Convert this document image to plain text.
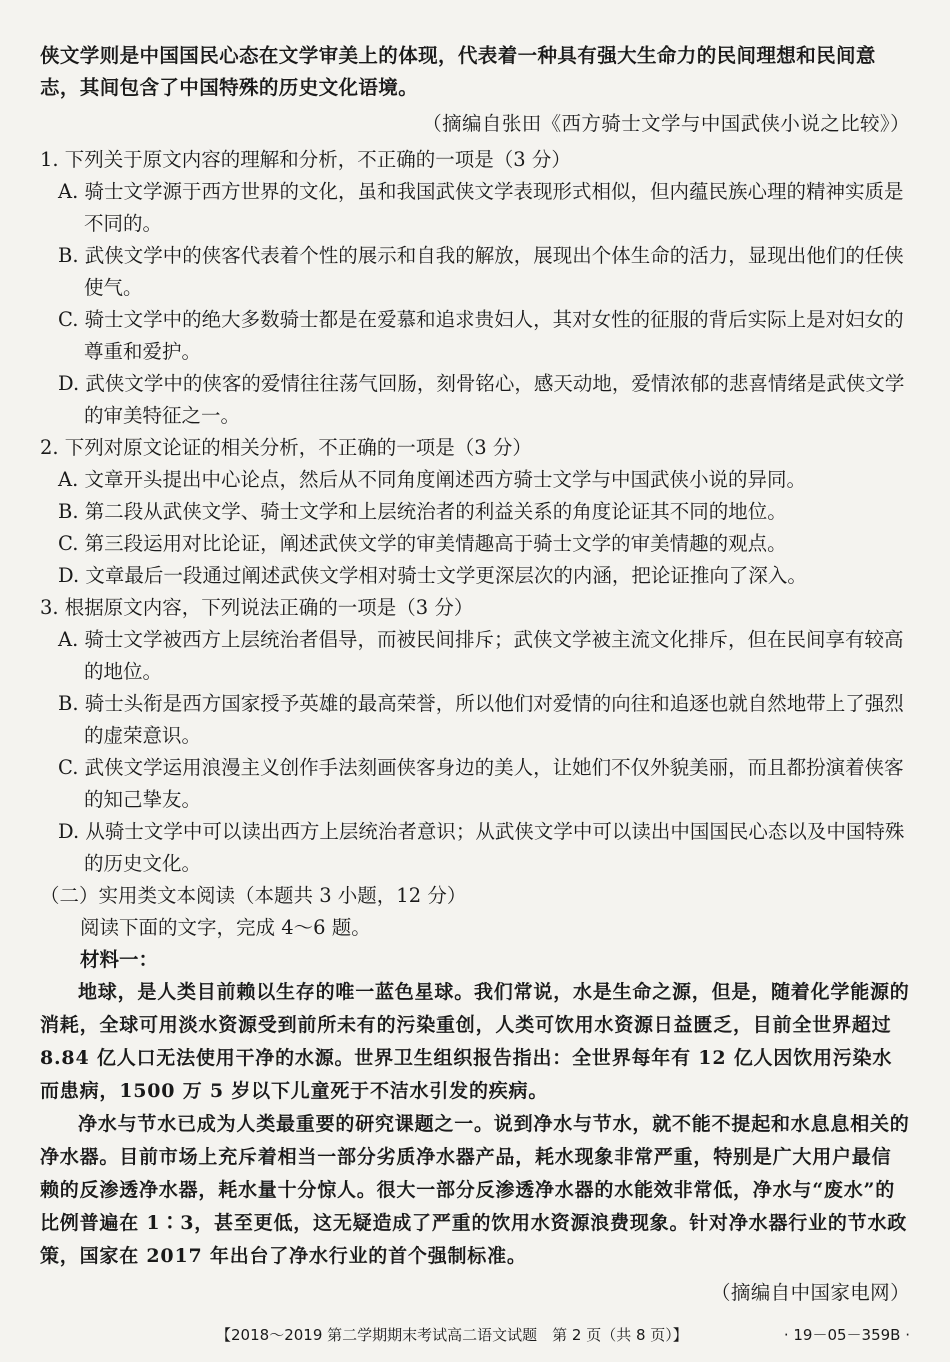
侠文学则是中国国民心态在文学审美上的体现，代表着一种具有强大生命力的民间理想和民间意志，其间包含了中国特殊的历史文化语境。

（摘编自张田《西方骑士文学与中国武侠小说之比较》）

1. 下列关于原文内容的理解和分析，不正确的一项是（3 分）

A. 骑士文学源于西方世界的文化，虽和我国武侠文学表现形式相似，但内蕴民族心理的精神实质是不同的。

B. 武侠文学中的侠客代表着个性的展示和自我的解放，展现出个体生命的活力，显现出他们的任侠使气。

C. 骑士文学中的绝大多数骑士都是在爱慕和追求贵妇人，其对女性的征服的背后实际上是对妇女的尊重和爱护。

D. 武侠文学中的侠客的爱情往往荡气回肠，刻骨铭心，感天动地，爱情浓郁的悲喜情绪是武侠文学的审美特征之一。

2. 下列对原文论证的相关分析，不正确的一项是（3 分）

A. 文章开头提出中心论点，然后从不同角度阐述西方骑士文学与中国武侠小说的异同。

B. 第二段从武侠文学、骑士文学和上层统治者的利益关系的角度论证其不同的地位。

C. 第三段运用对比论证，阐述武侠文学的审美情趣高于骑士文学的审美情趣的观点。

D. 文章最后一段通过阐述武侠文学相对骑士文学更深层次的内涵，把论证推向了深入。

3. 根据原文内容，下列说法正确的一项是（3 分）

A. 骑士文学被西方上层统治者倡导，而被民间排斥；武侠文学被主流文化排斥，但在民间享有较高的地位。

B. 骑士头衔是西方国家授予英雄的最高荣誉，所以他们对爱情的向往和追逐也就自然地带上了强烈的虚荣意识。

C. 武侠文学运用浪漫主义创作手法刻画侠客身边的美人，让她们不仅外貌美丽，而且都扮演着侠客的知己挚友。

D. 从骑士文学中可以读出西方上层统治者意识；从武侠文学中可以读出中国国民心态以及中国特殊的历史文化。

（二）实用类文本阅读（本题共 3 小题，12 分）

阅读下面的文字，完成 4～6 题。

材料一：

地球，是人类目前赖以生存的唯一蓝色星球。我们常说，水是生命之源，但是，随着化学能源的消耗，全球可用淡水资源受到前所未有的污染重创，人类可饮用水资源日益匮乏，目前全世界超过 8.84 亿人口无法使用干净的水源。世界卫生组织报告指出：全世界每年有 12 亿人因饮用污染水而患病，1500 万 5 岁以下儿童死于不洁水引发的疾病。

净水与节水已成为人类最重要的研究课题之一。说到净水与节水，就不能不提起和水息息相关的净水器。目前市场上充斥着相当一部分劣质净水器产品，耗水现象非常严重，特别是广大用户最信赖的反渗透净水器，耗水量十分惊人。很大一部分反渗透净水器的水能效非常低，净水与“废水”的比例普遍在 1∶3，甚至更低，这无疑造成了严重的饮用水资源浪费现象。针对净水器行业的节水政策，国家在 2017 年出台了净水行业的首个强制标准。

（摘编自中国家电网）

【2018～2019 第二学期期末考试高二语文试题　第 2 页（共 8 页）】	· 19－05－359B ·
